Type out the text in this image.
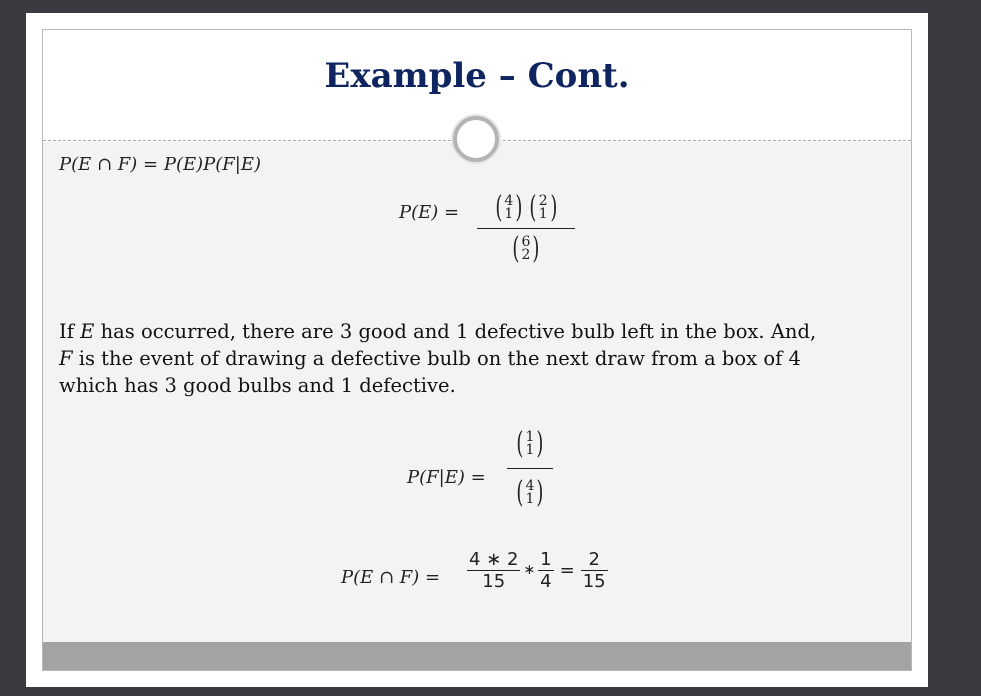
Example – Cont.
P(E ∩ F) = P(E)P(F|E)
P(E) = ( 4
1 ) ( 2
1 )
( 6
2 )
If E has occurred, there are 3 good and 1 defective bulb left in the box. And,
F is the event of drawing a defective bulb on the next draw from a box of 4
which has 3 good bulbs and 1 defective.
P(F|E) =
( 1
1 )
( 4
1 )
P(E ∩ $F) = \frac{4 ∗ 2}{15}$ ∗ $\frac{1}{4} = \frac{2}{15}$
